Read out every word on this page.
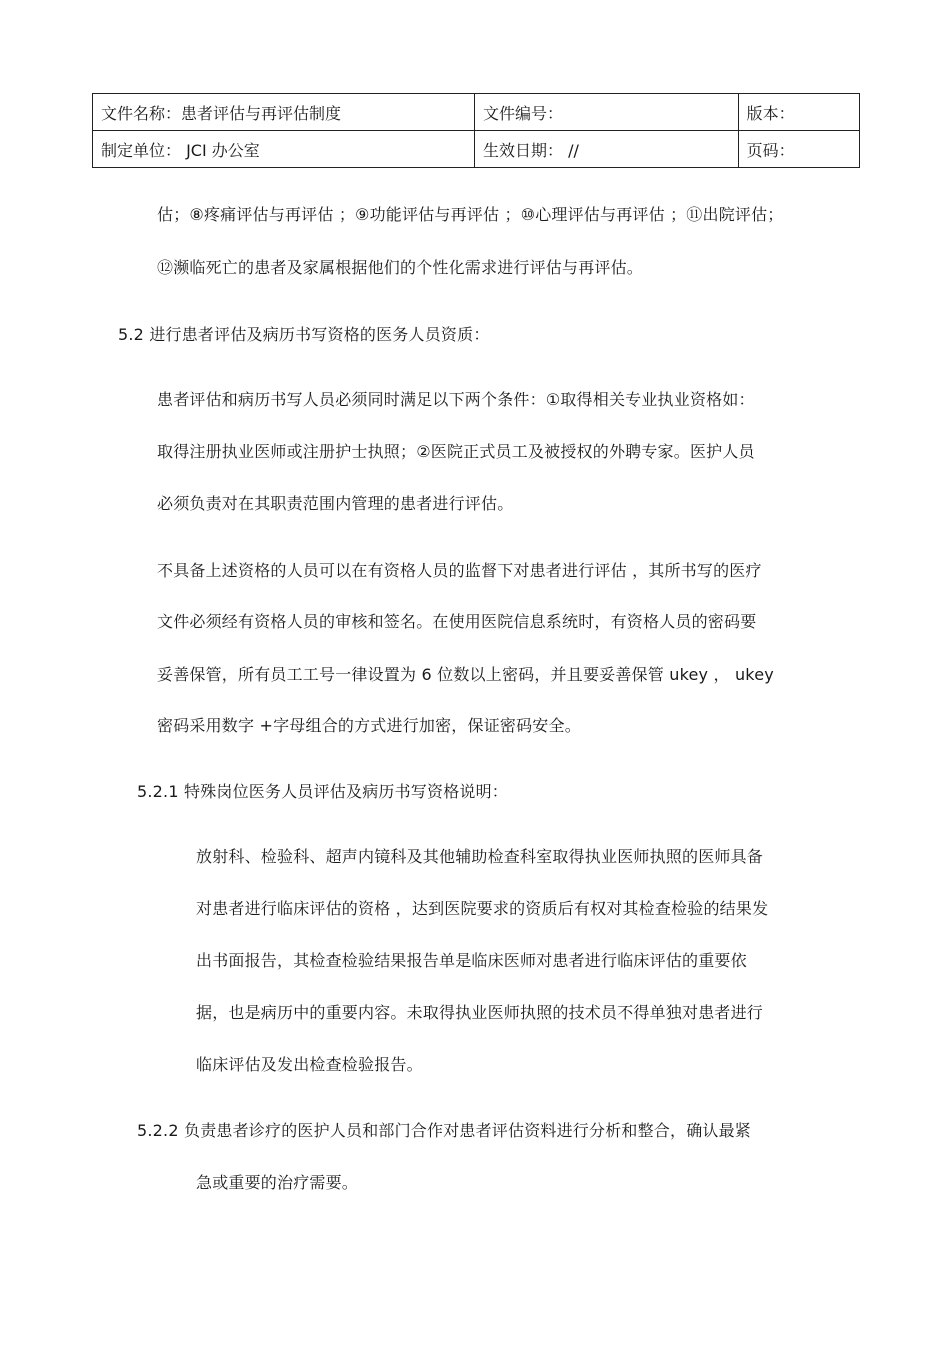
文件名称：患者评估与再评估制度	文件编号：	版本：
制定单位： JCI 办公室	生效日期： //	页码：
估；⑧疼痛评估与再评估 ；⑨功能评估与再评估 ；⑩心理评估与再评估 ；⑪出院评估；
⑫濒临死亡的患者及家属根据他们的个性化需求进行评估与再评估。
5.2 进行患者评估及病历书写资格的医务人员资质：
患者评估和病历书写人员必须同时满足以下两个条件：①取得相关专业执业资格如：
取得注册执业医师或注册护士执照；②医院正式员工及被授权的外聘专家。医护人员
必须负责对在其职责范围内管理的患者进行评估。
不具备上述资格的人员可以在有资格人员的监督下对患者进行评估 ，其所书写的医疗
文件必须经有资格人员的审核和签名。在使用医院信息系统时，有资格人员的密码要
妥善保管，所有员工工号一律设置为 6 位数以上密码，并且要妥善保管 ukey ， ukey
密码采用数字 +字母组合的方式进行加密，保证密码安全。
5.2.1 特殊岗位医务人员评估及病历书写资格说明：
放射科、检验科、超声内镜科及其他辅助检查科室取得执业医师执照的医师具备
对患者进行临床评估的资格 ，达到医院要求的资质后有权对其检查检验的结果发
出书面报告，其检查检验结果报告单是临床医师对患者进行临床评估的重要依
据，也是病历中的重要内容。未取得执业医师执照的技术员不得单独对患者进行
临床评估及发出检查检验报告。
5.2.2 负责患者诊疗的医护人员和部门合作对患者评估资料进行分析和整合，确认最紧
急或重要的治疗需要。
